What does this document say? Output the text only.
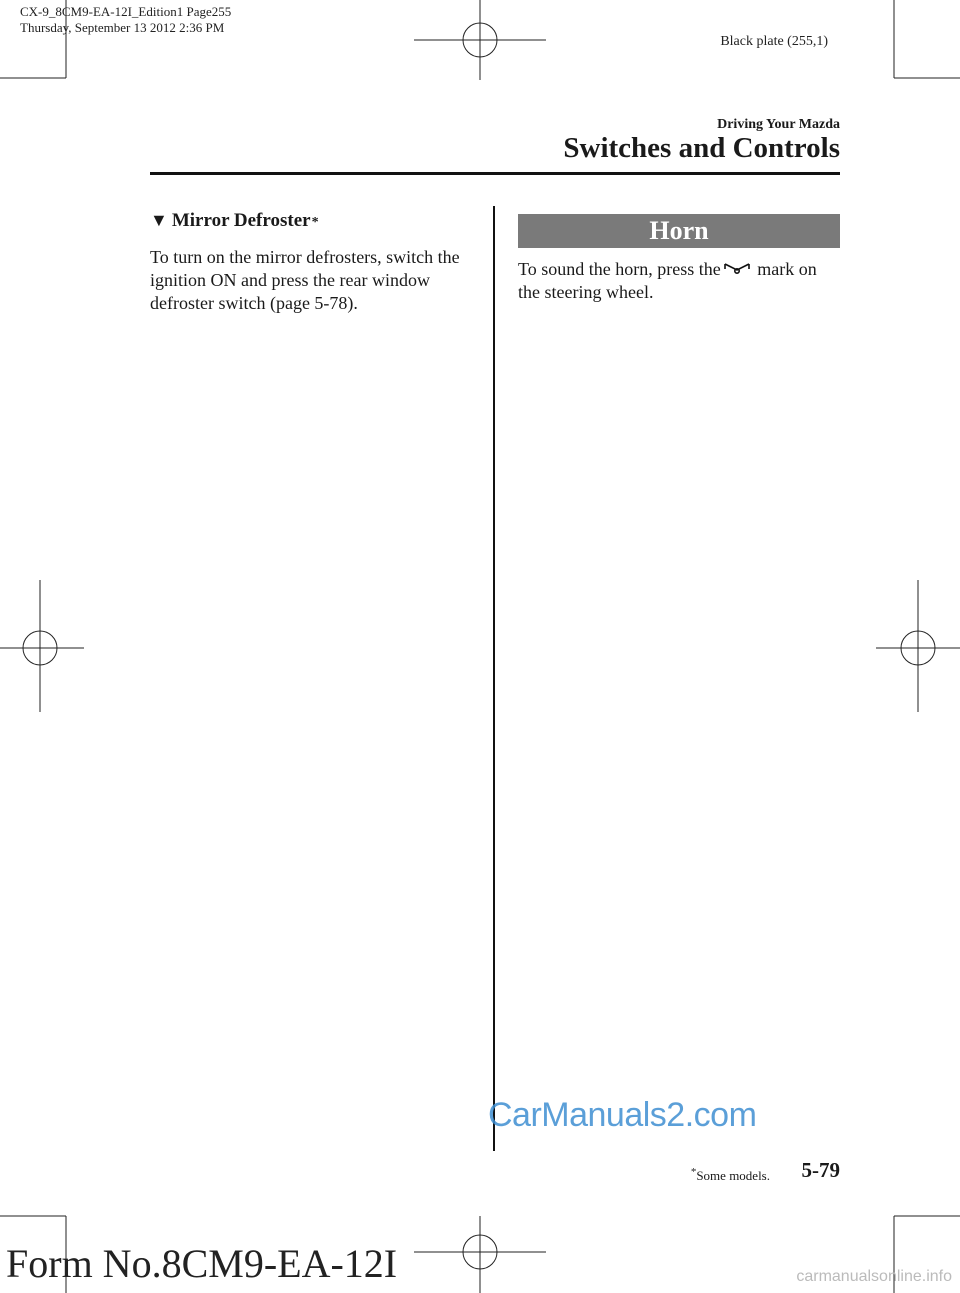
CX-9_8CM9-EA-12I_Edition1 Page255
Thursday, September 13 2012 2:36 PM
Black plate (255,1)
Driving Your Mazda
Switches and Controls
▼ Mirror Defroster *

To turn on the mirror defrosters, switch the ignition ON and press the rear window defroster switch (page 5-78).

Horn

To sound the horn, press the mark on the steering wheel.

CarManuals2.com
*Some models. 5-79
Form No.8CM9-EA-12I	carmanualsonline.info
